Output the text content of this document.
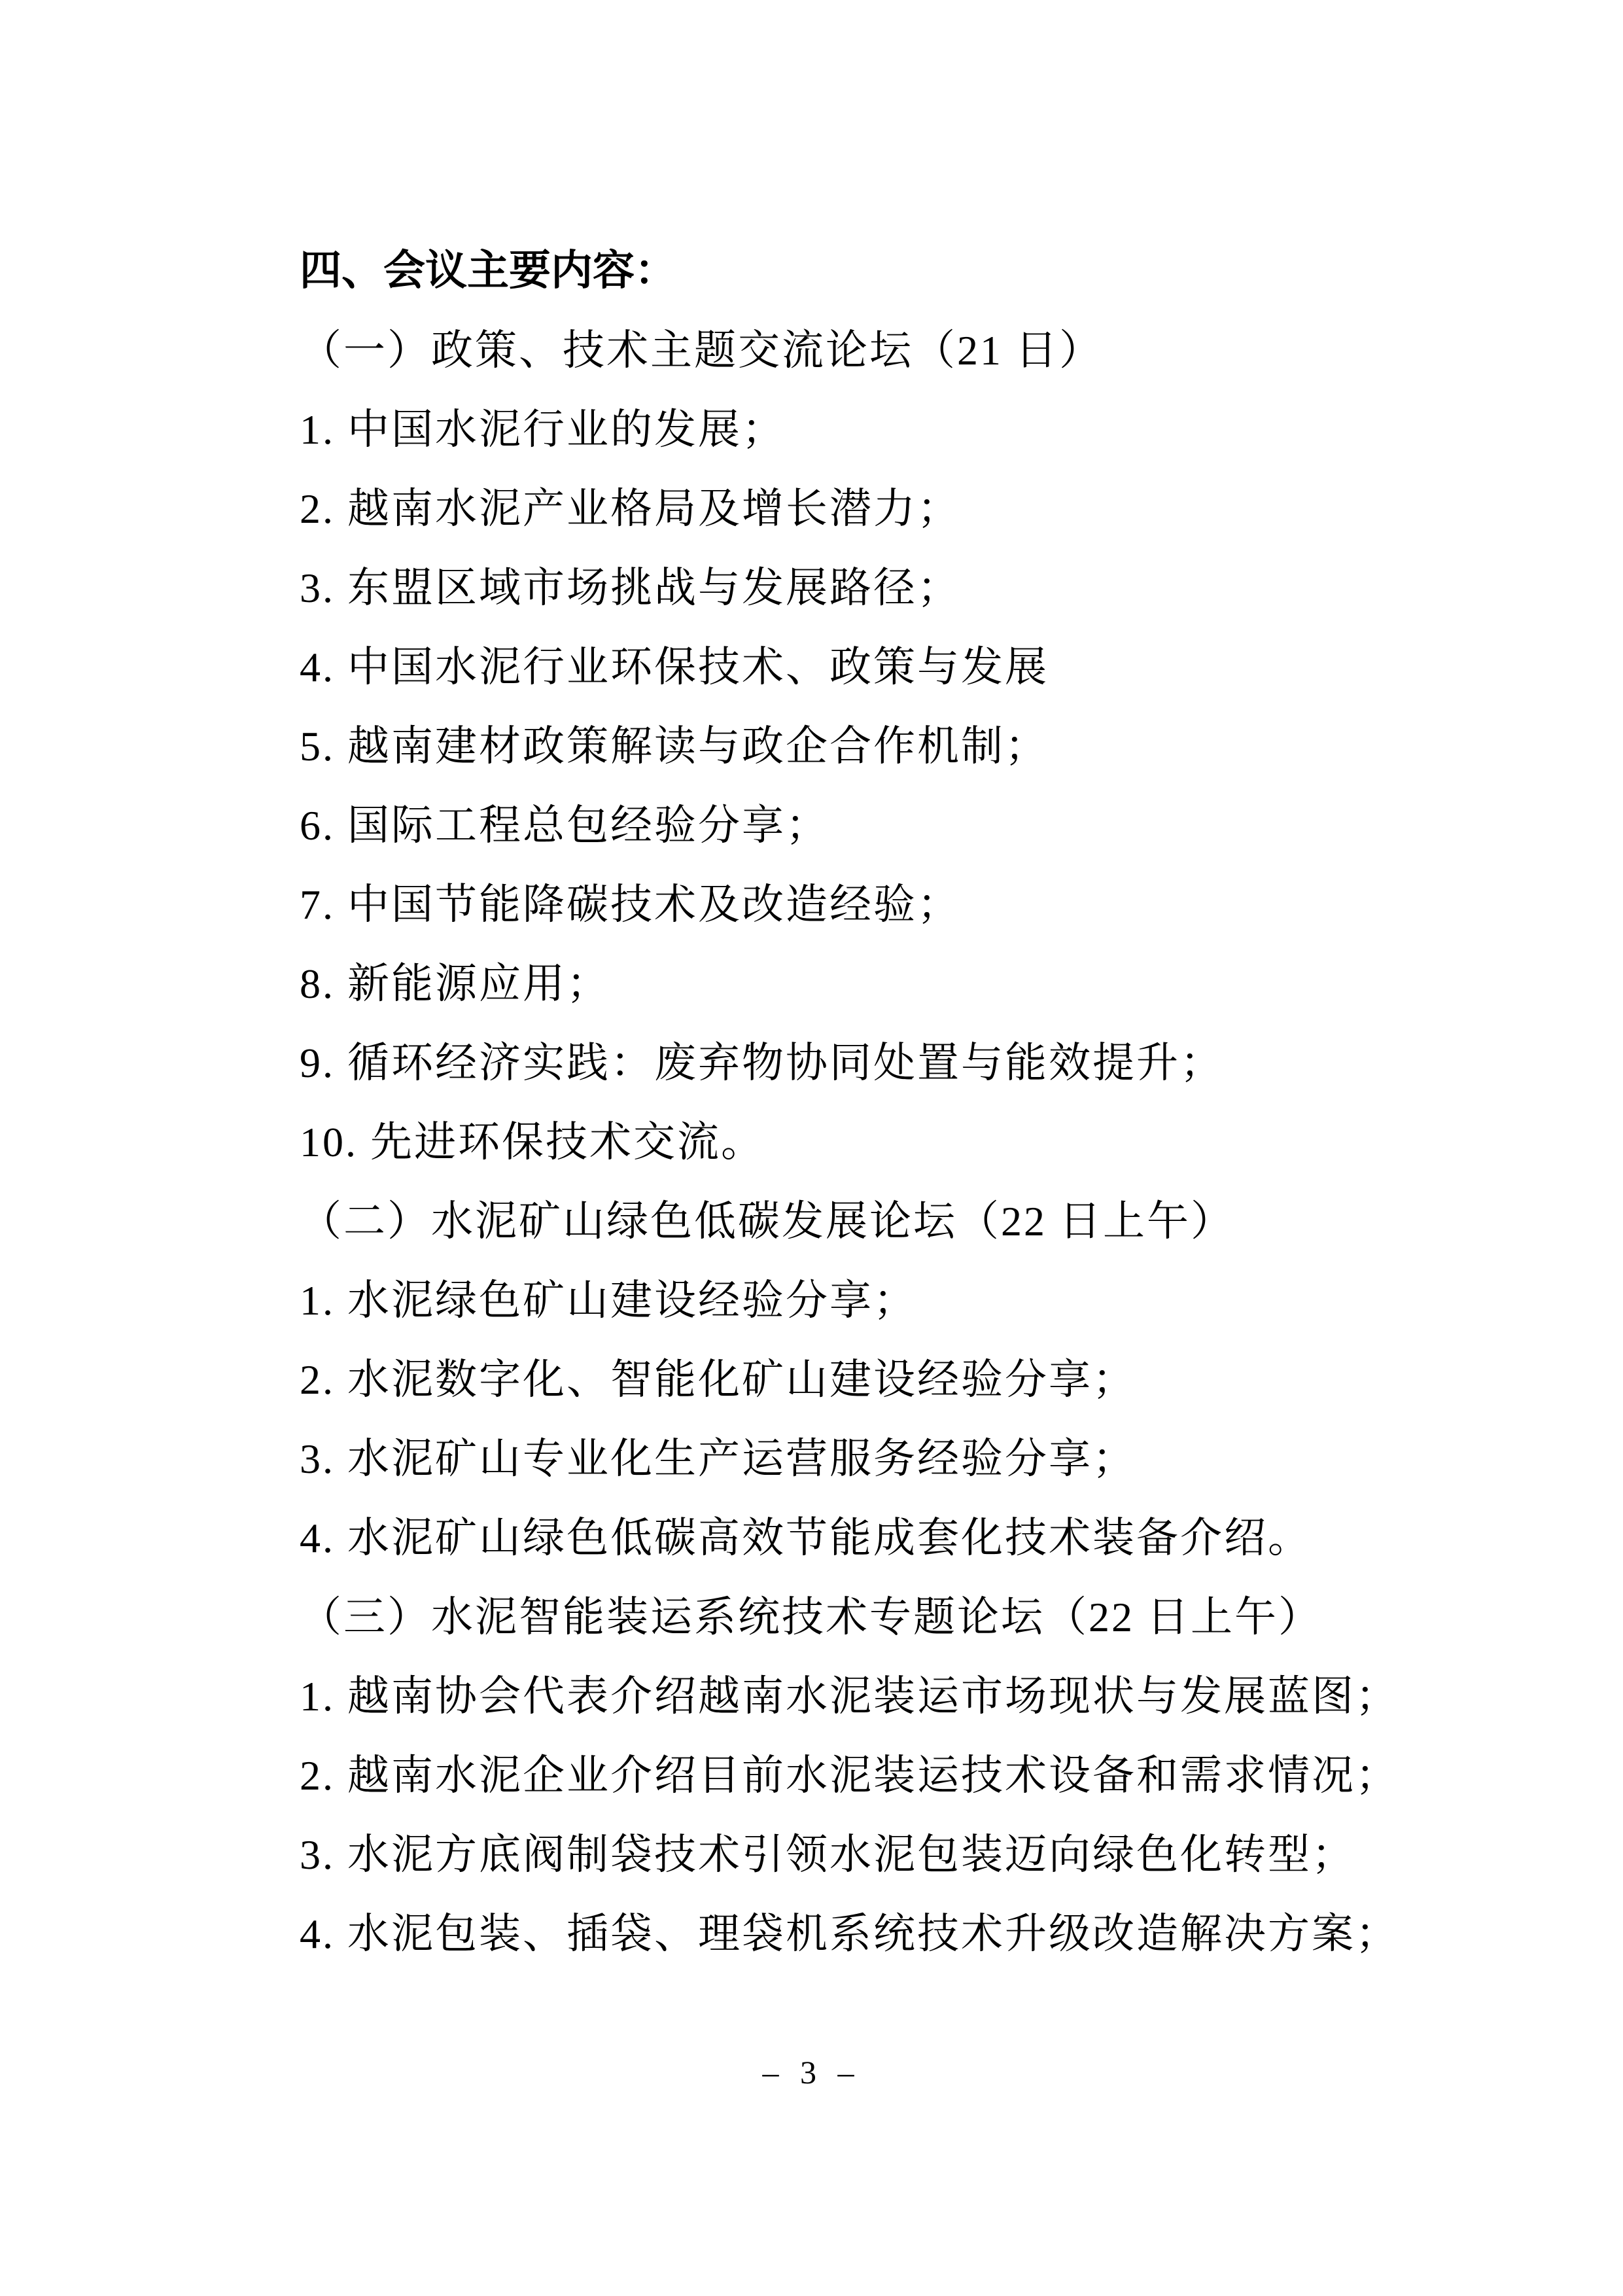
四、会议主要内容：

（一）政策、技术主题交流论坛（21 日）

1. 中国水泥行业的发展；

2. 越南水泥产业格局及增长潜力；

3. 东盟区域市场挑战与发展路径；

4. 中国水泥行业环保技术、政策与发展

5. 越南建材政策解读与政企合作机制；

6. 国际工程总包经验分享；

7. 中国节能降碳技术及改造经验；

8. 新能源应用；

9. 循环经济实践：废弃物协同处置与能效提升；

10. 先进环保技术交流。

（二）水泥矿山绿色低碳发展论坛（22 日上午）

1. 水泥绿色矿山建设经验分享；

2. 水泥数字化、智能化矿山建设经验分享；

3. 水泥矿山专业化生产运营服务经验分享；

4. 水泥矿山绿色低碳高效节能成套化技术装备介绍。

（三）水泥智能装运系统技术专题论坛（22 日上午）

1. 越南协会代表介绍越南水泥装运市场现状与发展蓝图；

2. 越南水泥企业介绍目前水泥装运技术设备和需求情况；

3. 水泥方底阀制袋技术引领水泥包装迈向绿色化转型；

4. 水泥包装、插袋、理袋机系统技术升级改造解决方案；

– 3 –
